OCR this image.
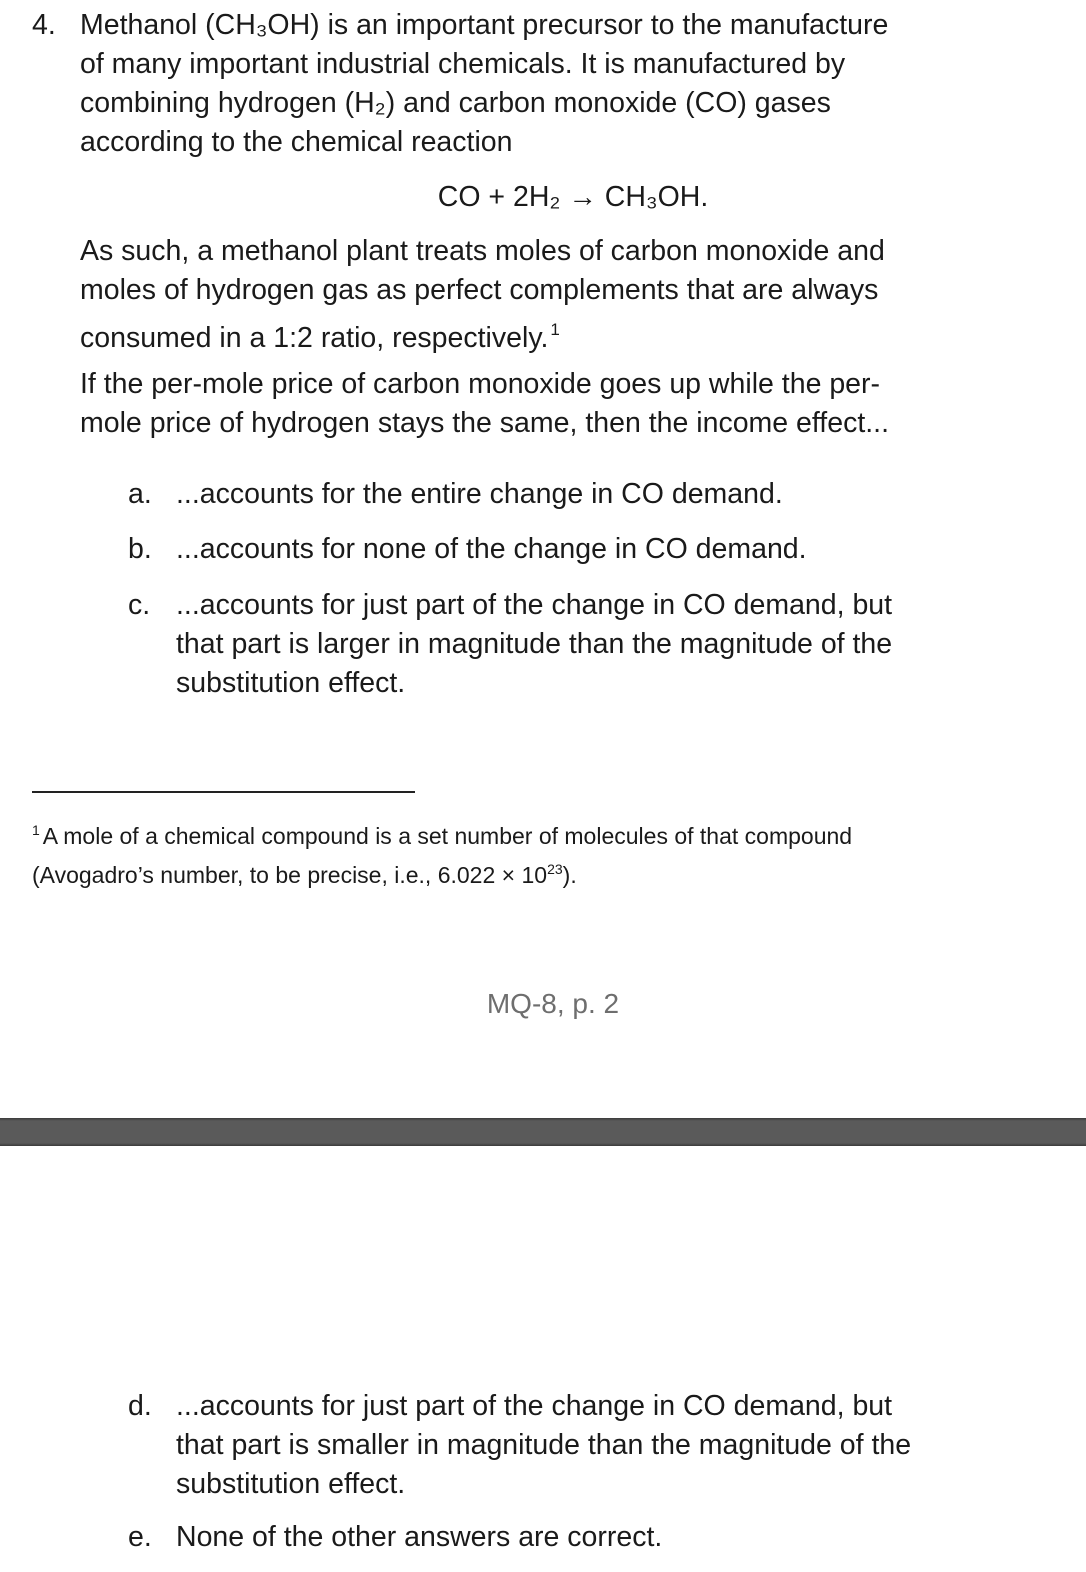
4. Methanol (CH₃OH) is an important precursor to the manufacture
of many important industrial chemicals. It is manufactured by
combining hydrogen (H₂) and carbon monoxide (CO) gases
according to the chemical reaction
CO + 2H₂ → CH₃OH.
As such, a methanol plant treats moles of carbon monoxide and
moles of hydrogen gas as perfect complements that are always
consumed in a 1:2 ratio, respectively. $^1$
If the per-mole price of carbon monoxide goes up while the per-
mole price of hydrogen stays the same, then the income effect...
a. ...accounts for the entire change in CO demand.
b. ...accounts for none of the change in CO demand.
c. ...accounts for just part of the change in CO demand, but
that part is larger in magnitude than the magnitude of the
substitution effect.
$^1$ A mole of a chemical compound is a set number of molecules of that compound
(Avogadro’s number, to be precise, i.e., $6.022 \times 10^{23}$).
MQ-8, p. 2
d. ...accounts for just part of the change in CO demand, but
that part is smaller in magnitude than the magnitude of the
substitution effect.
e. None of the other answers are correct.
